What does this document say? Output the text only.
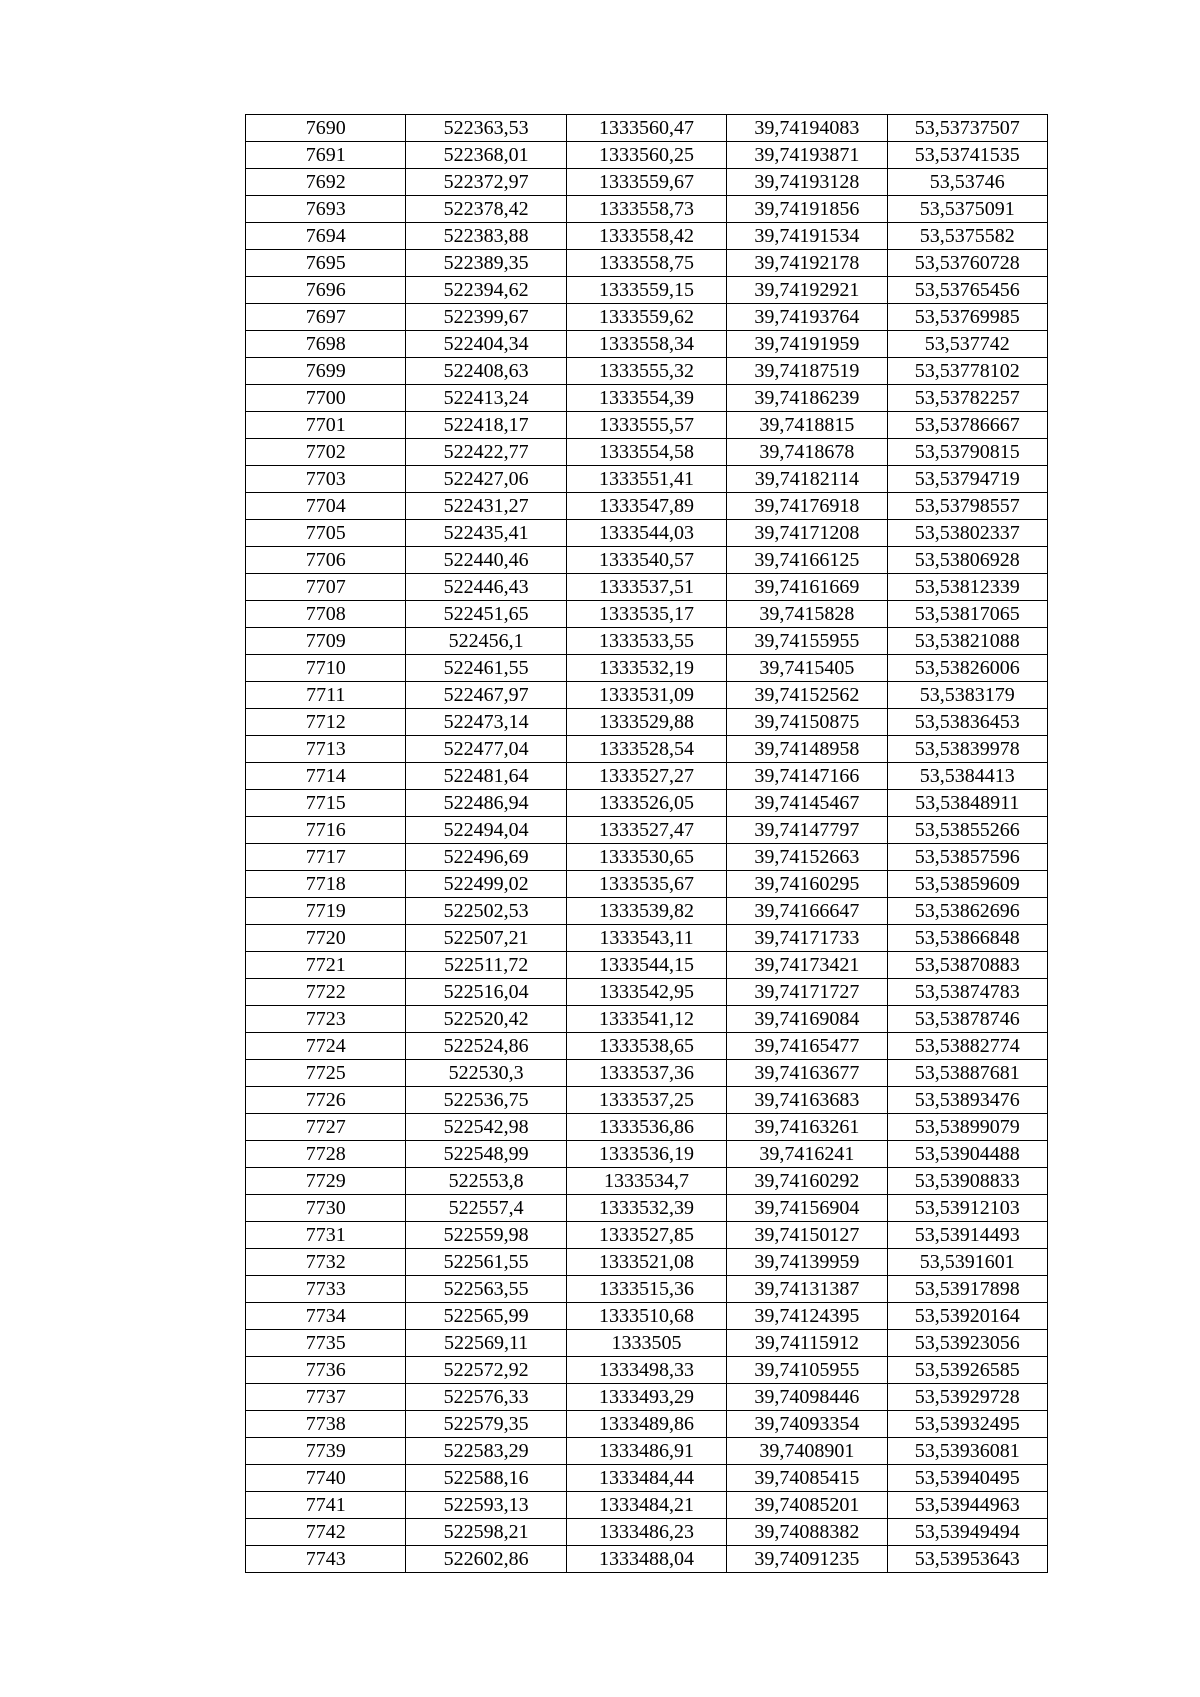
7690	522363,53	1333560,47	39,74194083	53,53737507
7691	522368,01	1333560,25	39,74193871	53,53741535
7692	522372,97	1333559,67	39,74193128	53,53746
7693	522378,42	1333558,73	39,74191856	53,5375091
7694	522383,88	1333558,42	39,74191534	53,5375582
7695	522389,35	1333558,75	39,74192178	53,53760728
7696	522394,62	1333559,15	39,74192921	53,53765456
7697	522399,67	1333559,62	39,74193764	53,53769985
7698	522404,34	1333558,34	39,74191959	53,537742
7699	522408,63	1333555,32	39,74187519	53,53778102
7700	522413,24	1333554,39	39,74186239	53,53782257
7701	522418,17	1333555,57	39,7418815	53,53786667
7702	522422,77	1333554,58	39,7418678	53,53790815
7703	522427,06	1333551,41	39,74182114	53,53794719
7704	522431,27	1333547,89	39,74176918	53,53798557
7705	522435,41	1333544,03	39,74171208	53,53802337
7706	522440,46	1333540,57	39,74166125	53,53806928
7707	522446,43	1333537,51	39,74161669	53,53812339
7708	522451,65	1333535,17	39,7415828	53,53817065
7709	522456,1	1333533,55	39,74155955	53,53821088
7710	522461,55	1333532,19	39,7415405	53,53826006
7711	522467,97	1333531,09	39,74152562	53,5383179
7712	522473,14	1333529,88	39,74150875	53,53836453
7713	522477,04	1333528,54	39,74148958	53,53839978
7714	522481,64	1333527,27	39,74147166	53,5384413
7715	522486,94	1333526,05	39,74145467	53,53848911
7716	522494,04	1333527,47	39,74147797	53,53855266
7717	522496,69	1333530,65	39,74152663	53,53857596
7718	522499,02	1333535,67	39,74160295	53,53859609
7719	522502,53	1333539,82	39,74166647	53,53862696
7720	522507,21	1333543,11	39,74171733	53,53866848
7721	522511,72	1333544,15	39,74173421	53,53870883
7722	522516,04	1333542,95	39,74171727	53,53874783
7723	522520,42	1333541,12	39,74169084	53,53878746
7724	522524,86	1333538,65	39,74165477	53,53882774
7725	522530,3	1333537,36	39,74163677	53,53887681
7726	522536,75	1333537,25	39,74163683	53,53893476
7727	522542,98	1333536,86	39,74163261	53,53899079
7728	522548,99	1333536,19	39,7416241	53,53904488
7729	522553,8	1333534,7	39,74160292	53,53908833
7730	522557,4	1333532,39	39,74156904	53,53912103
7731	522559,98	1333527,85	39,74150127	53,53914493
7732	522561,55	1333521,08	39,74139959	53,5391601
7733	522563,55	1333515,36	39,74131387	53,53917898
7734	522565,99	1333510,68	39,74124395	53,53920164
7735	522569,11	1333505	39,74115912	53,53923056
7736	522572,92	1333498,33	39,74105955	53,53926585
7737	522576,33	1333493,29	39,74098446	53,53929728
7738	522579,35	1333489,86	39,74093354	53,53932495
7739	522583,29	1333486,91	39,7408901	53,53936081
7740	522588,16	1333484,44	39,74085415	53,53940495
7741	522593,13	1333484,21	39,74085201	53,53944963
7742	522598,21	1333486,23	39,74088382	53,53949494
7743	522602,86	1333488,04	39,74091235	53,53953643
